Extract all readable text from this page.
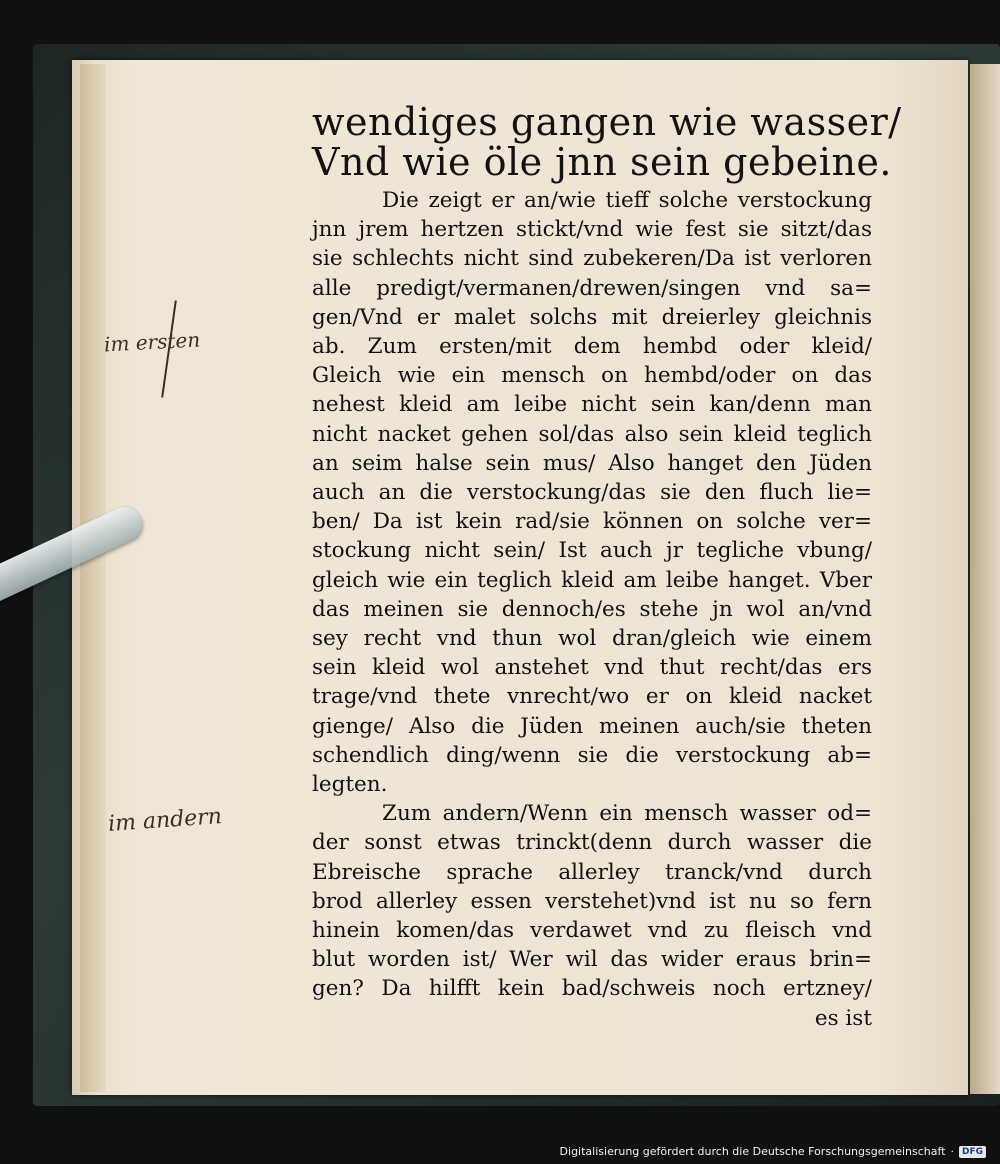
im ersten
im andern
wendiges gangen wie wasser/
Vnd wie öle jnn sein gebeine.
Die zeigt er an/wie tieff solche verstockung
jnn jrem hertzen stickt/vnd wie fest sie sitzt/das
sie schlechts nicht sind zubekeren/Da ist verloren
alle predigt/vermanen/drewen/singen vnd sa=
gen/Vnd er malet solchs mit dreierley gleichnis
ab. Zum ersten/mit dem hembd oder kleid/
Gleich wie ein mensch on hembd/oder on das
nehest kleid am leibe nicht sein kan/denn man
nicht nacket gehen sol/das also sein kleid teglich
an seim halse sein mus/ Also hanget den Jüden
auch an die verstockung/das sie den fluch lie=
ben/ Da ist kein rad/sie können on solche ver=
stockung nicht sein/ Ist auch jr tegliche vbung/
gleich wie ein teglich kleid am leibe hanget. Vber
das meinen sie dennoch/es stehe jn wol an/vnd
sey recht vnd thun wol dran/gleich wie einem
sein kleid wol anstehet vnd thut recht/das ers
trage/vnd thete vnrecht/wo er on kleid nacket
gienge/ Also die Jüden meinen auch/sie theten
schendlich ding/wenn sie die verstockung ab=
legten.
Zum andern/Wenn ein mensch wasser od=
der sonst etwas trinckt(denn durch wasser die
Ebreische sprache allerley tranck/vnd durch
brod allerley essen verstehet)vnd ist nu so fern
hinein komen/das verdawet vnd zu fleisch vnd
blut worden ist/ Wer wil das wider eraus brin=
gen? Da hilfft kein bad/schweis noch ertzney/
es ist
Digitalisierung gefördert durch die Deutsche Forschungsgemeinschaft · DFG
